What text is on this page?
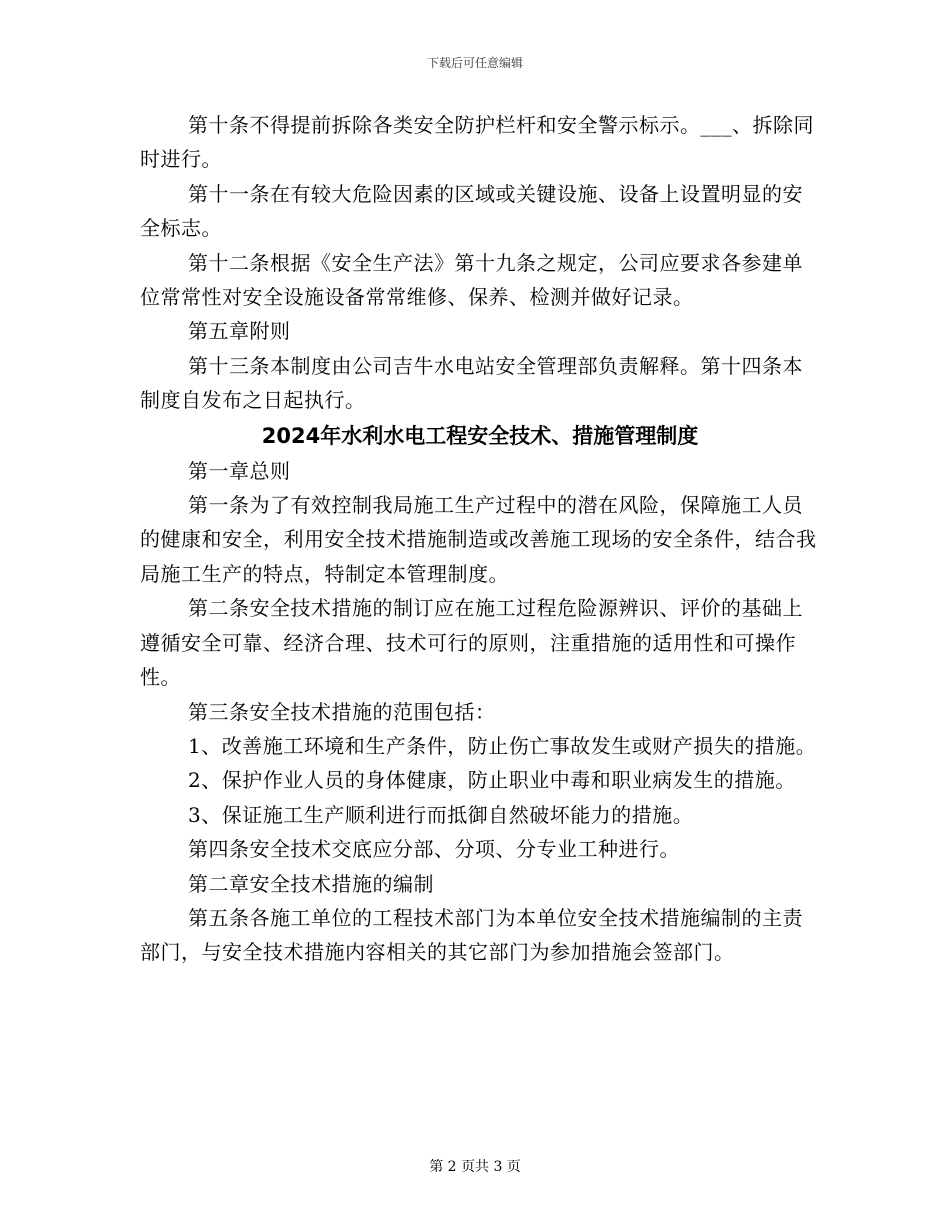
下载后可任意编辑

第十条不得提前拆除各类安全防护栏杆和安全警示标示。___、拆除同时进行。

第十一条在有较大危险因素的区域或关键设施、设备上设置明显的安全标志。

第十二条根据《安全生产法》第十九条之规定，公司应要求各参建单位常常性对安全设施设备常常维修、保养、检测并做好记录。

第五章附则

第十三条本制度由公司吉牛水电站安全管理部负责解释。第十四条本制度自发布之日起执行。

2024年水利水电工程安全技术、措施管理制度

第一章总则

第一条为了有效控制我局施工生产过程中的潜在风险，保障施工人员的健康和安全，利用安全技术措施制造或改善施工现场的安全条件，结合我局施工生产的特点，特制定本管理制度。

第二条安全技术措施的制订应在施工过程危险源辨识、评价的基础上遵循安全可靠、经济合理、技术可行的原则，注重措施的适用性和可操作性。

第三条安全技术措施的范围包括：

1、改善施工环境和生产条件，防止伤亡事故发生或财产损失的措施。

2、保护作业人员的身体健康，防止职业中毒和职业病发生的措施。

3、保证施工生产顺利进行而抵御自然破坏能力的措施。

第四条安全技术交底应分部、分项、分专业工种进行。

第二章安全技术措施的编制

第五条各施工单位的工程技术部门为本单位安全技术措施编制的主责部门，与安全技术措施内容相关的其它部门为参加措施会签部门。

第 2 页共 3 页
